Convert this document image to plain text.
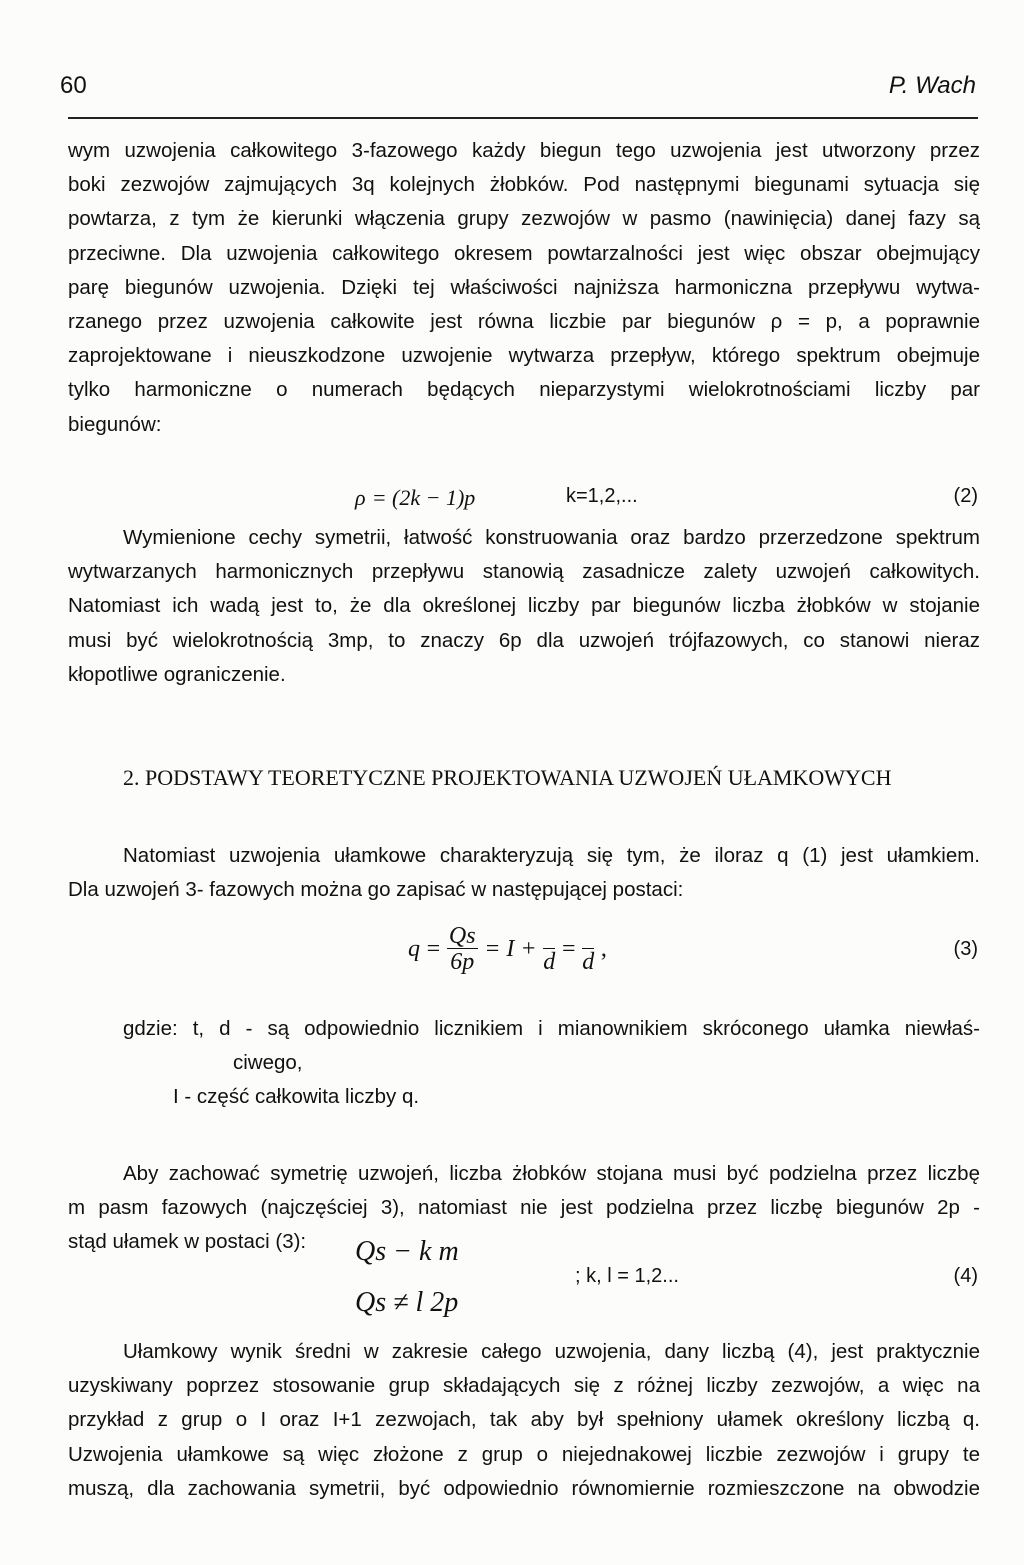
60	P. Wach
wym uzwojenia całkowitego 3-fazowego każdy biegun tego uzwojenia jest utworzony przez
boki zezwojów zajmujących 3q kolejnych żłobków. Pod następnymi biegunami sytuacja się
powtarza, z tym że kierunki włączenia grupy zezwojów w pasmo (nawinięcia) danej fazy są
przeciwne. Dla uzwojenia całkowitego okresem powtarzalności jest więc obszar obejmujący
parę biegunów uzwojenia. Dzięki tej właściwości najniższa harmoniczna przepływu wytwa-
rzanego przez uzwojenia całkowite jest równa liczbie par biegunów ρ = p, a poprawnie
zaprojektowane i nieuszkodzone uzwojenie wytwarza przepływ, którego spektrum obejmuje
tylko harmoniczne o numerach będących nieparzystymi wielokrotnościami liczby par
biegunów:
ρ = (2k − 1)p	k=1,2,...	(2)
Wymienione cechy symetrii, łatwość konstruowania oraz bardzo przerzedzone spektrum
wytwarzanych harmonicznych przepływu stanowią zasadnicze zalety uzwojeń całkowitych.
Natomiast ich wadą jest to, że dla określonej liczby par biegunów liczba żłobków w stojanie
musi być wielokrotnością 3mp, to znaczy 6p dla uzwojeń trójfazowych, co stanowi nieraz
kłopotliwe ograniczenie.
2. PODSTAWY TEORETYCZNE PROJEKTOWANIA UZWOJEŃ UŁAMKOWYCH
Natomiast uzwojenia ułamkowe charakteryzują się tym, że iloraz q (1) jest ułamkiem.
Dla uzwojeń 3- fazowych można go zapisać w następującej postaci:
$q = \frac{Qs}{6p} = I$ +
d
=
d
,	(3)
gdzie: t, d - są odpowiednio licznikiem i mianownikiem skróconego ułamka niewłaś-
ciwego,
I - część całkowita liczby q.
Aby zachować symetrię uzwojeń, liczba żłobków stojana musi być podzielna przez liczbę
m pasm fazowych (najczęściej 3), natomiast nie jest podzielna przez liczbę biegunów 2p -
stąd ułamek w postaci (3):	Qs − k m
Qs ≠ l 2p
; k, l = 1,2...	(4)
Ułamkowy wynik średni w zakresie całego uzwojenia, dany liczbą (4), jest praktycznie
uzyskiwany poprzez stosowanie grup składających się z różnej liczby zezwojów, a więc na
przykład z grup o I oraz I+1 zezwojach, tak aby był spełniony ułamek określony liczbą q.
Uzwojenia ułamkowe są więc złożone z grup o niejednakowej liczbie zezwojów i grupy te
muszą, dla zachowania symetrii, być odpowiednio równomiernie rozmieszczone na obwodzie
